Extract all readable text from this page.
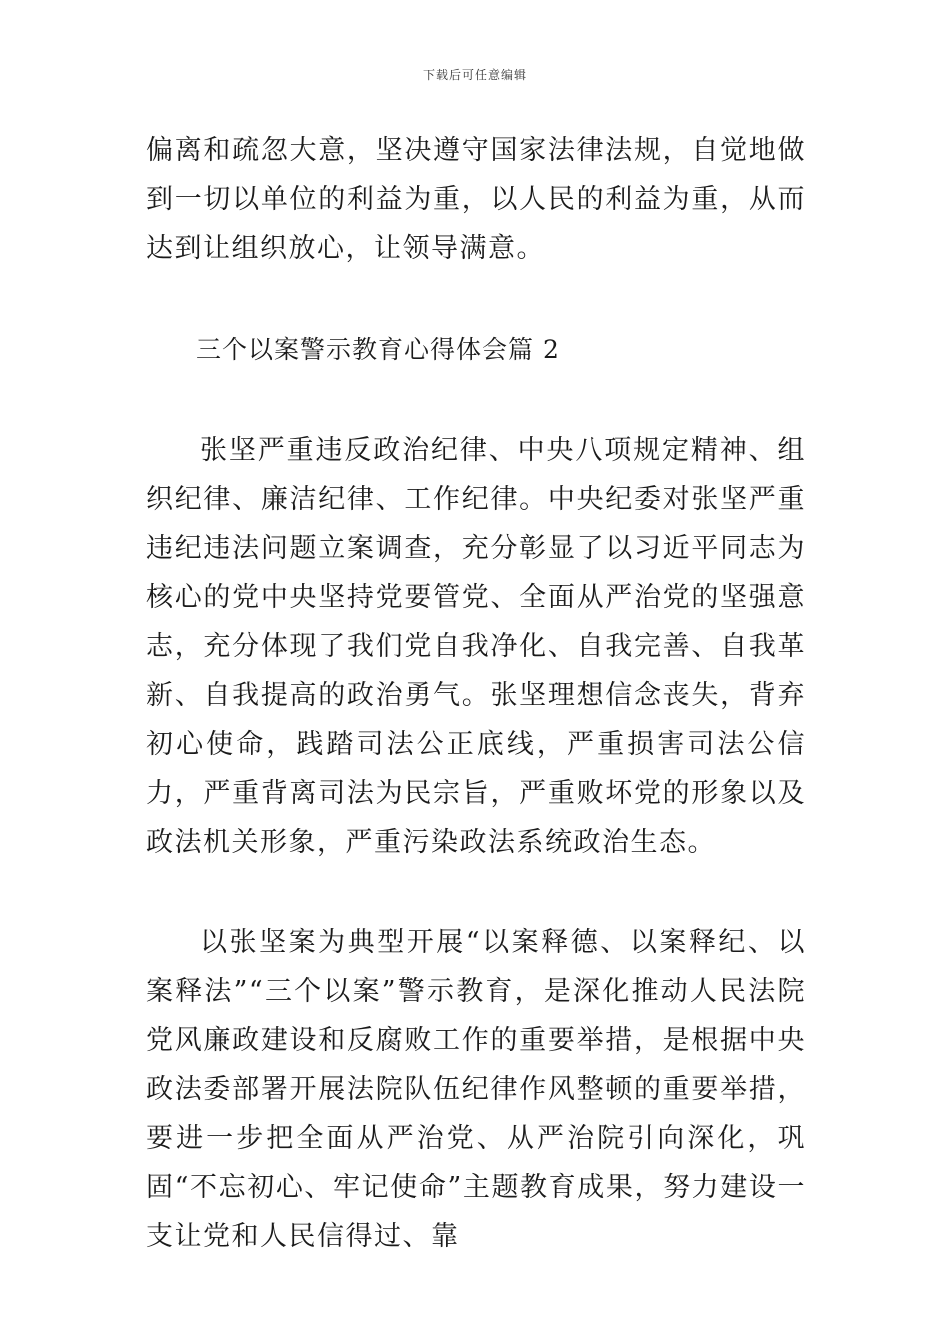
下载后可任意编辑
偏离和疏忽大意，坚决遵守国家法律法规，自觉地做到一切以单位的利益为重，以人民的利益为重，从而达到让组织放心，让领导满意。
三个以案警示教育心得体会篇 2
张坚严重违反政治纪律、中央八项规定精神、组织纪律、廉洁纪律、工作纪律。中央纪委对张坚严重违纪违法问题立案调查，充分彰显了以习近平同志为核心的党中央坚持党要管党、全面从严治党的坚强意志，充分体现了我们党自我净化、自我完善、自我革新、自我提高的政治勇气。张坚理想信念丧失，背弃初心使命，践踏司法公正底线，严重损害司法公信力，严重背离司法为民宗旨，严重败坏党的形象以及政法机关形象，严重污染政法系统政治生态。
以张坚案为典型开展“以案释德、以案释纪、以案释法”“三个以案”警示教育，是深化推动人民法院党风廉政建设和反腐败工作的重要举措，是根据中央政法委部署开展法院队伍纪律作风整顿的重要举措，要进一步把全面从严治党、从严治院引向深化，巩固“不忘初心、牢记使命”主题教育成果，努力建设一支让党和人民信得过、靠
